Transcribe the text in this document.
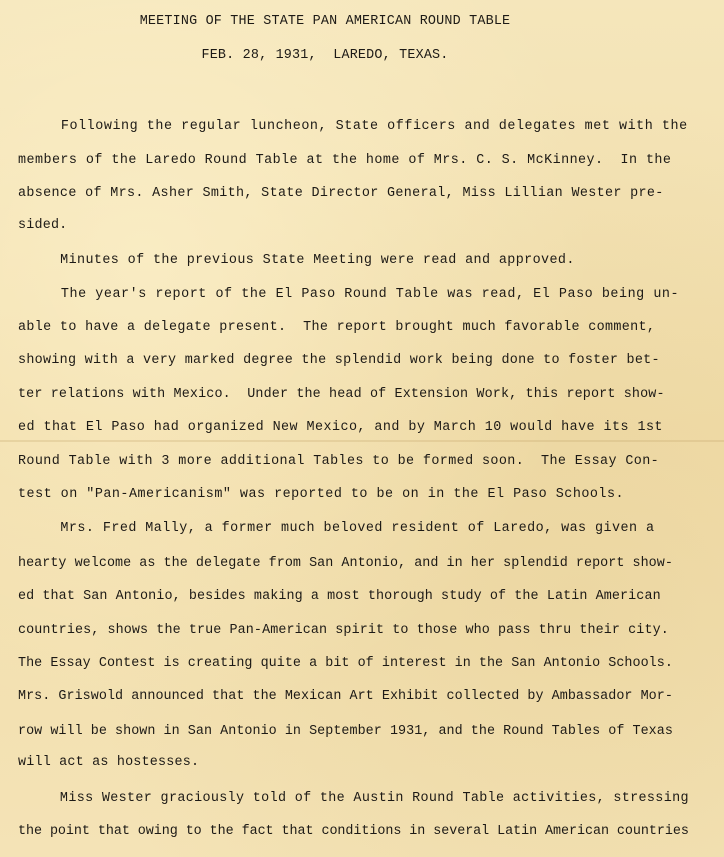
MEETING OF THE STATE PAN AMERICAN ROUND TABLE
FEB. 28, 1931,  LAREDO, TEXAS.
Following the regular luncheon, State officers and delegates met with the
members of the Laredo Round Table at the home of Mrs. C. S. McKinney.  In the
absence of Mrs. Asher Smith, State Director General, Miss Lillian Wester pre-
sided.
Minutes of the previous State Meeting were read and approved.
The year's report of the El Paso Round Table was read, El Paso being un-
able to have a delegate present.  The report brought much favorable comment,
showing with a very marked degree the splendid work being done to foster bet-
ter relations with Mexico.  Under the head of Extension Work, this report show-
ed that El Paso had organized New Mexico, and by March 10 would have its 1st
Round Table with 3 more additional Tables to be formed soon.  The Essay Con-
test on "Pan-Americanism" was reported to be on in the El Paso Schools.
Mrs. Fred Mally, a former much beloved resident of Laredo, was given a
hearty welcome as the delegate from San Antonio, and in her splendid report show-
ed that San Antonio, besides making a most thorough study of the Latin American
countries, shows the true Pan-American spirit to those who pass thru their city.
The Essay Contest is creating quite a bit of interest in the San Antonio Schools.
Mrs. Griswold announced that the Mexican Art Exhibit collected by Ambassador Mor-
row will be shown in San Antonio in September 1931, and the Round Tables of Texas
will act as hostesses.
Miss Wester graciously told of the Austin Round Table activities, stressing
the point that owing to the fact that conditions in several Latin American countries
